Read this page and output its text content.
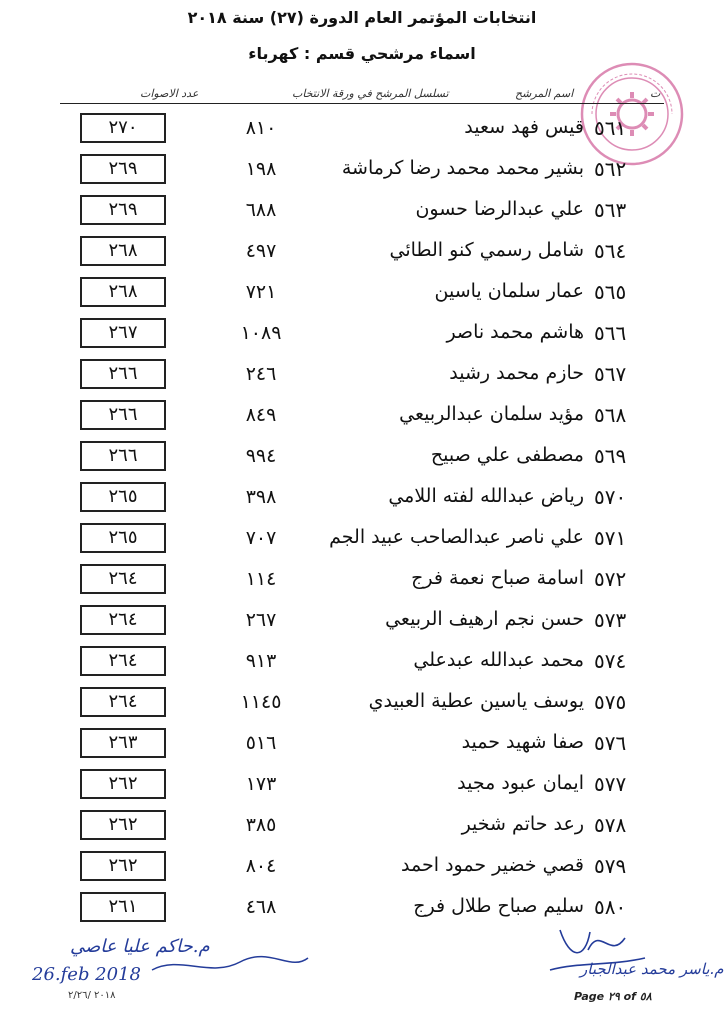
انتخابات المؤتمر العام الدورة (٢٧) سنة ٢٠١٨
اسماء مرشحي قسم : كهرباء
ت
اسم المرشح
تسلسل المرشح في ورقة الانتخاب
عدد الاصوات
٥٦١
قيس فهد سعيد
٨١٠
٢٧٠
٥٦٢
بشير محمد محمد رضا كرماشة
١٩٨
٢٦٩
٥٦٣
علي عبدالرضا حسون
٦٨٨
٢٦٩
٥٦٤
شامل رسمي كنو الطائي
٤٩٧
٢٦٨
٥٦٥
عمار سلمان ياسين
٧٢١
٢٦٨
٥٦٦
هاشم محمد ناصر
١٠٨٩
٢٦٧
٥٦٧
حازم محمد رشيد
٢٤٦
٢٦٦
٥٦٨
مؤيد سلمان عبدالربيعي
٨٤٩
٢٦٦
٥٦٩
مصطفى علي صبيح
٩٩٤
٢٦٦
٥٧٠
رياض عبدالله لفته اللامي
٣٩٨
٢٦٥
٥٧١
علي ناصر عبدالصاحب عبيد الجم
٧٠٧
٢٦٥
٥٧٢
اسامة صباح نعمة فرج
١١٤
٢٦٤
٥٧٣
حسن نجم ارهيف الربيعي
٢٦٧
٢٦٤
٥٧٤
محمد عبدالله عبدعلي
٩١٣
٢٦٤
٥٧٥
يوسف ياسين عطية العبيدي
١١٤٥
٢٦٤
٥٧٦
صفا شهيد حميد
٥١٦
٢٦٣
٥٧٧
ايمان عبود مجيد
١٧٣
٢٦٢
٥٧٨
رعد حاتم شخير
٣٨٥
٢٦٢
٥٧٩
قصي خضير حمود احمد
٨٠٤
٢٦٢
٥٨٠
سليم صباح طلال فرج
٤٦٨
٢٦١
م.حاكم عليا عاصي
26.feb 2018
٢٠١٨ /٢/٢٦
م.ياسر محمد عبدالجبار
Page ٢٩ of ٥٨
